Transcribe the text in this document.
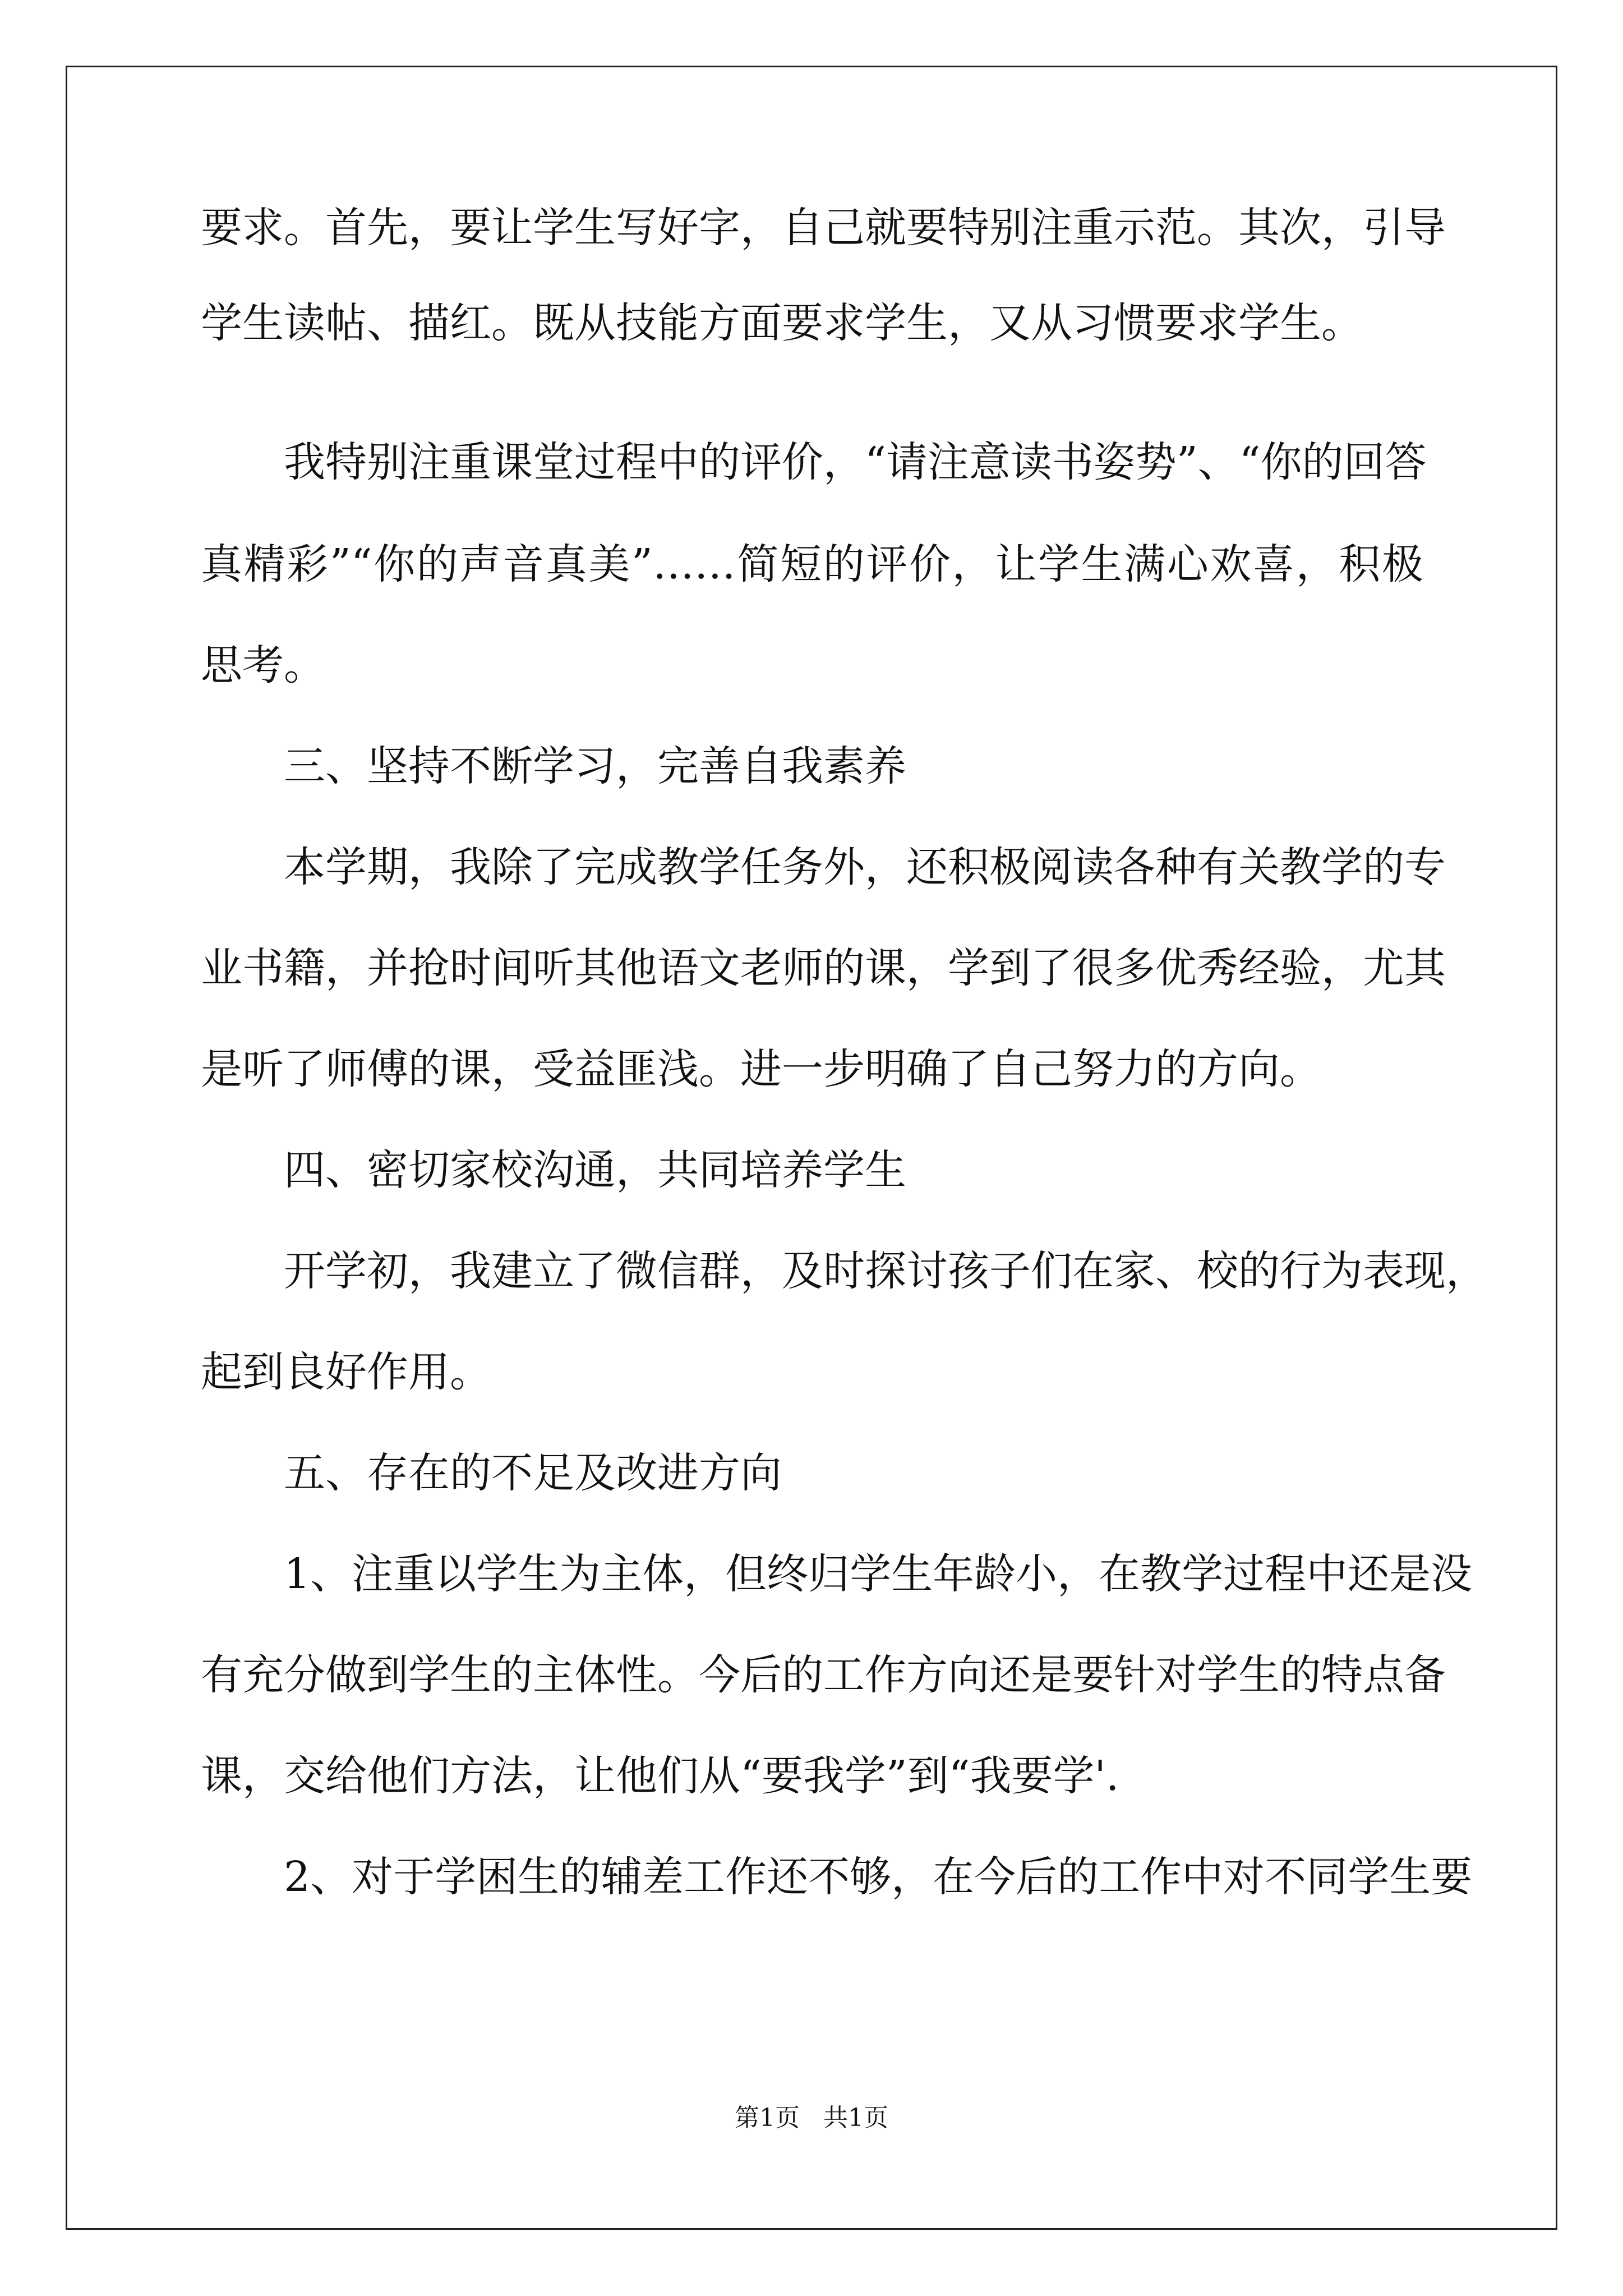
要求。首先，要让学生写好字，自己就要特别注重示范。其次，引导
学生读帖、描红。既从技能方面要求学生，又从习惯要求学生。
我特别注重课堂过程中的评价，“请注意读书姿势”、“你的回答
真精彩”“你的声音真美”……简短的评价，让学生满心欢喜，积极
思考。
三、坚持不断学习，完善自我素养
本学期，我除了完成教学任务外，还积极阅读各种有关教学的专
业书籍，并抢时间听其他语文老师的课，学到了很多优秀经验，尤其
是听了师傅的课，受益匪浅。进一步明确了自己努力的方向。
四、密切家校沟通，共同培养学生
开学初，我建立了微信群，及时探讨孩子们在家、校的行为表现，
起到良好作用。
五、存在的不足及改进方向
1、注重以学生为主体，但终归学生年龄小，在教学过程中还是没
有充分做到学生的主体性。今后的工作方向还是要针对学生的特点备
课，交给他们方法，让他们从“要我学”到“我要学'.
2、对于学困生的辅差工作还不够，在今后的工作中对不同学生要
第1页 共1页
